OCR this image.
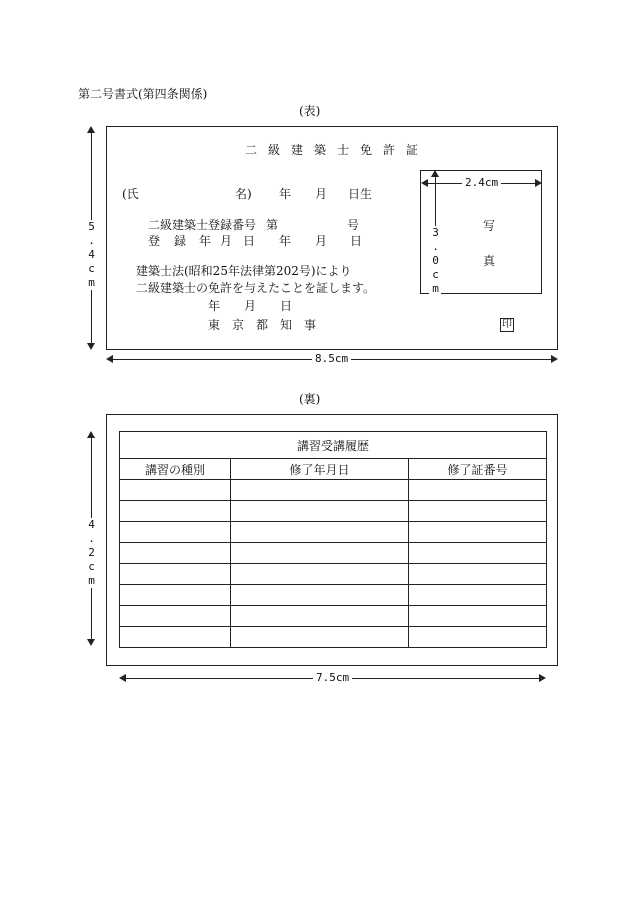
第二号書式(第四条関係)
(表)
二 級 建 築 士 免 許 証
(氏	名) 年 月 日生
二級建築士登録番号 第	号
登 録 年 月 日 年 月 日
建築士法(昭和25年法律第202号)により
二級建築士の免許を与えたことを証します。
年 月 日
東 京 都 知 事	印
写
真
2.4cm
3.0cm
5.4cm
8.5cm
(裏)
講習受講履歴		
講習の種別	修了年月日	修了証番号

4.2cm
7.5cm
